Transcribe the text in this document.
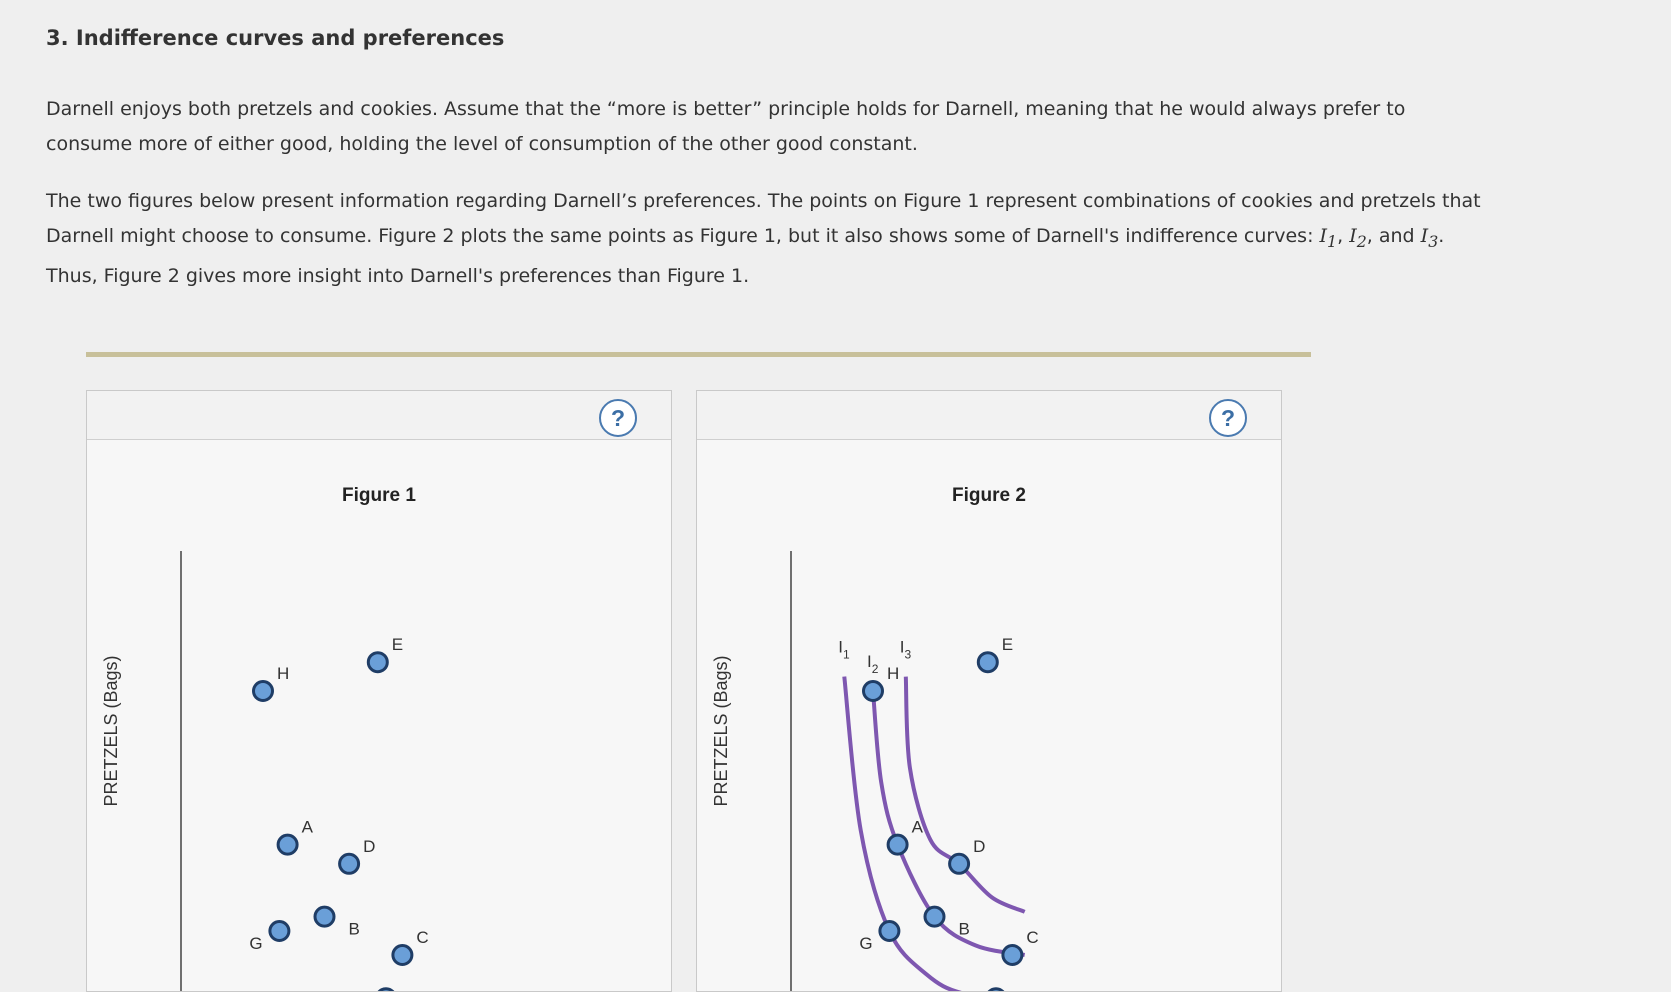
3. Indifference curves and preferences
Darnell enjoys both pretzels and cookies. Assume that the “more is better” principle holds for Darnell, meaning that he would always prefer to consume more of either good, holding the level of consumption of the other good constant.
The two figures below present information regarding Darnell’s preferences. The points on Figure 1 represent combinations of cookies and pretzels that Darnell might choose to consume. Figure 2 plots the same points as Figure 1, but it also shows some of Darnell's indifference curves: $I_1$, $I_2$, and $I_3$. Thus, Figure 2 gives more insight into Darnell's preferences than Figure 1.
?
Figure 1
PRETZELS (Bags)	H
E
A
D
G
B	C
?
Figure 2
PRETZELS (Bags)
$I_1$ $I_2$
$I_3$
H
E
A
D
G
B	C
